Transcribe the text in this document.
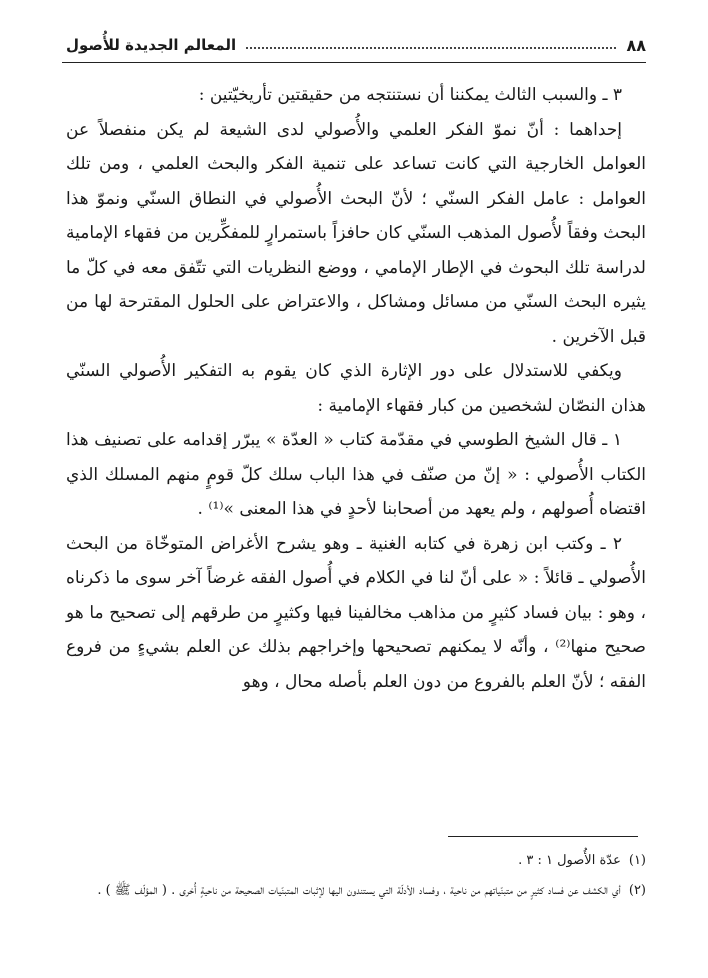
٨٨
المعالم الجديدة للأُصول

٣ ـ والسبب الثالث يمكننا أن نستنتجه من حقيقتين تأريخيّتين :

إحداهما : أنّ نموّ الفكر العلمي والأُصولي لدى الشيعة لم يكن منفصلاً عن العوامل الخارجية التي كانت تساعد على تنمية الفكر والبحث العلمي ، ومن تلك العوامل : عامل الفكر السنّي ؛ لأنّ البحث الأُصولي في النطاق السنّي ونموّ هذا البحث وفقاً لأُصول المذهب السنّي كان حافزاً باستمرارٍ للمفكِّرين من فقهاء الإمامية لدراسة تلك البحوث في الإطار الإمامي ، ووضع النظريات التي تتّفق معه في كلّ ما يثيره البحث السنّي من مسائل ومشاكل ، والاعتراض على الحلول المقترحة لها من قبل الآخرين .

ويكفي للاستدلال على دور الإثارة الذي كان يقوم به التفكير الأُصولي السنّي هذان النصّان لشخصين من كبار فقهاء الإمامية :

١ ـ قال الشيخ الطوسي في مقدّمة كتاب « العدّة » يبرّر إقدامه على تصنيف هذا الكتاب الأُصولي : « إنّ من صنّف في هذا الباب سلك كلّ قومٍ منهم المسلك الذي اقتضاه أُصولهم ، ولم يعهد من أصحابنا لأحدٍ في هذا المعنى »⁽¹⁾ .

٢ ـ وكتب ابن زهرة في كتابه الغنية ـ وهو يشرح الأغراض المتوخّاة من البحث الأُصولي ـ قائلاً : « على أنّ لنا في الكلام في أُصول الفقه غرضاً آخر سوى ما ذكرناه ، وهو : بيان فساد كثيرٍ من مذاهب مخالفينا فيها وكثيرٍ من طرقهم إلى تصحيح ما هو صحيح منها⁽²⁾ ، وأنّه لا يمكنهم تصحيحها وإخراجهم بذلك عن العلم بشيءٍ من فروع الفقه ؛ لأنّ العلم بالفروع من دون العلم بأصله محال ، وهو

(١)عدّة الأُصول ١ : ٣ .

(٢)أي الكشف عن فساد كثيرٍ من متبنّياتهم من ناحية ، وفساد الأدلّة التي يستندون اليها لإثبات المتبنّيات الصحيحة من ناحيةٍ أُخرى . ( المؤلّف ﷺ ) .
